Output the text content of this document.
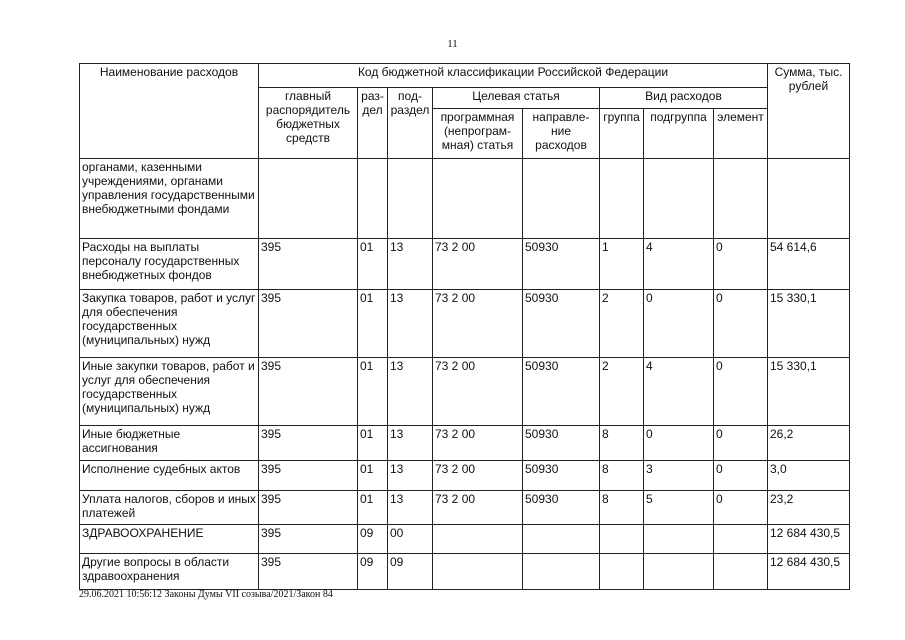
11
Наименование расходов	Код бюджетной классификации Российской Федерации								Сумма, тыс. рублей
	главный распорядитель бюджетных средств	раз-дел	под-раздел	Целевая статья		Вид расходов			
				программная (непрограм-мная) статья	направле-ние расходов	группа	подгруппа	элемент	
органами, казенными учреждениями, органами управления государственными внебюджетными фондами									
Расходы на выплаты персоналу государственных внебюджетных фондов	395	01	13	73 2 00	50930	1	4	0	54 614,6
Закупка товаров, работ и услуг для обеспечения государственных (муниципальных) нужд	395	01	13	73 2 00	50930	2	0	0	15 330,1
Иные закупки товаров, работ и услуг для обеспечения государственных (муниципальных) нужд	395	01	13	73 2 00	50930	2	4	0	15 330,1
Иные бюджетные ассигнования	395	01	13	73 2 00	50930	8	0	0	26,2
Исполнение судебных актов	395	01	13	73 2 00	50930	8	3	0	3,0
Уплата налогов, сборов и иных платежей	395	01	13	73 2 00	50930	8	5	0	23,2
ЗДРАВООХРАНЕНИЕ	395	09	00						12 684 430,5
Другие вопросы в области здравоохранения	395	09	09						12 684 430,5
29.06.2021 10:56:12 Законы Думы VII созыва/2021/Закон 84
